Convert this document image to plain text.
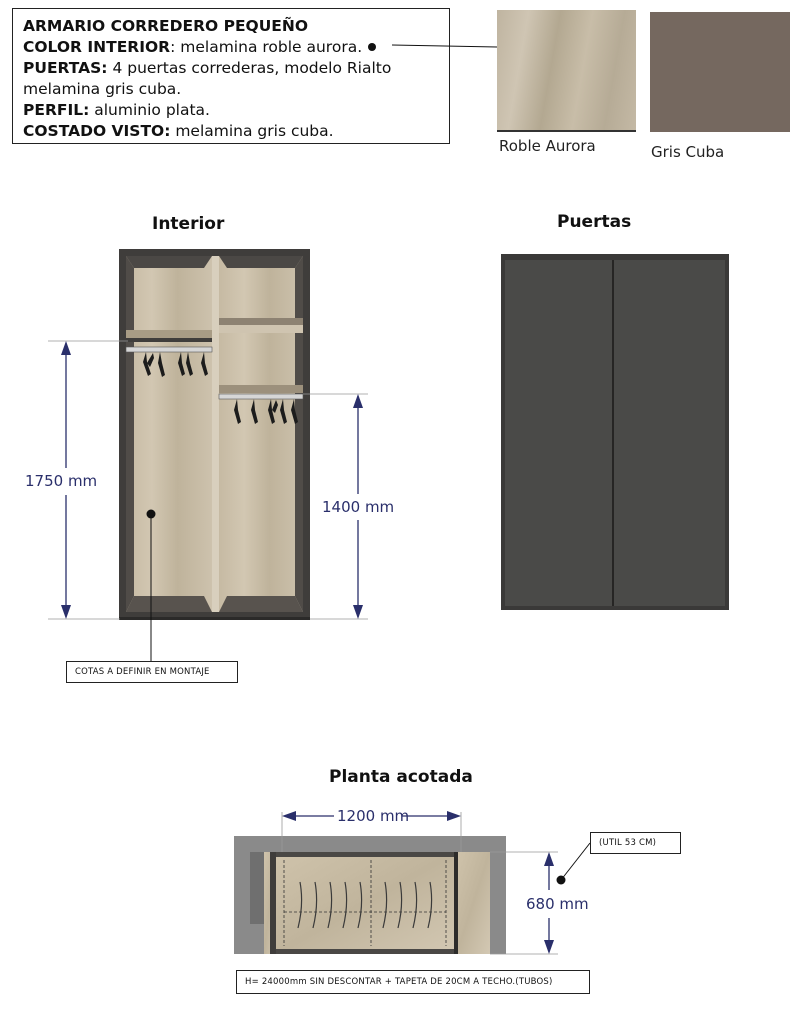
ARMARIO CORREDERO PEQUEÑO
COLOR INTERIOR: melamina roble aurora.
PUERTAS: 4 puertas correderas, modelo Rialto
melamina gris cuba.
PERFIL: aluminio plata.
COSTADO VISTO: melamina gris cuba.
Roble Aurora	Gris Cuba
Interior	Puertas
1750 mm
1400 mm
COTAS A DEFINIR EN MONTAJE
Planta acotada
1200 mm
680 mm
(UTIL 53 CM)
H= 24000mm SIN DESCONTAR + TAPETA DE 20CM A TECHO.(TUBOS)
